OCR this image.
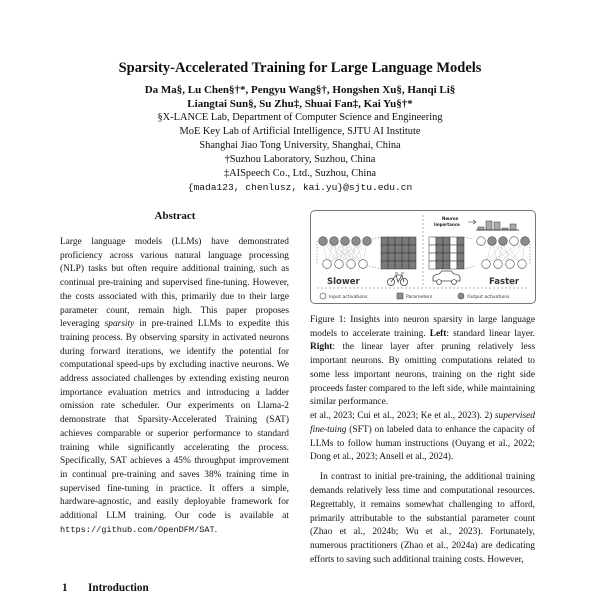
Sparsity-Accelerated Training for Large Language Models
Da Ma§, Lu Chen§†*, Pengyu Wang§†, Hongshen Xu§, Hanqi Li§
Liangtai Sun§, Su Zhu‡, Shuai Fan‡, Kai Yu§†*
§X-LANCE Lab, Department of Computer Science and Engineering
MoE Key Lab of Artificial Intelligence, SJTU AI Institute
Shanghai Jiao Tong University, Shanghai, China
†Suzhou Laboratory, Suzhou, China
‡AISpeech Co., Ltd., Suzhou, China
{mada123, chenlusz, kai.yu}@sjtu.edu.cn
Abstract
Large language models (LLMs) have demonstrated proficiency across various natural language processing (NLP) tasks but often require additional training, such as continual pre-training and supervised fine-tuning. However, the costs associated with this, primarily due to their large parameter count, remain high. This paper proposes leveraging sparsity in pre-trained LLMs to expedite this training process. By observing sparsity in activated neurons during forward iterations, we identify the potential for computational speed-ups by excluding inactive neurons. We address associated challenges by extending existing neuron importance evaluation metrics and introducing a ladder omission rate scheduler. Our experiments on Llama-2 demonstrate that Sparsity-Accelerated Training (SAT) achieves comparable or superior performance to standard training while significantly accelerating the process. Specifically, SAT achieves a 45% throughput improvement in continual pre-training and saves 38% training time in supervised fine-tuning in practice. It offers a simple, hardware-agnostic, and easily deployable framework for additional LLM training. Our code is available at https://github.com/OpenDFM/SAT.
1 Introduction
Slower
Neuron
Importance
Faster
Input activations	Parameters	Output activations
Figure 1: Insights into neuron sparsity in large language models to accelerate training. Left: standard linear layer. Right: the linear layer after pruning relatively less important neurons. By omitting computations related to some less important neurons, training on the right side proceeds faster compared to the left side, while maintaining similar performance.

et al., 2023; Cui et al., 2023; Ke et al., 2023). 2) supervised fine-tuing (SFT) on labeled data to enhance the capacity of LLMs to follow human instructions (Ouyang et al., 2022; Dong et al., 2023; Ansell et al., 2024).

In contrast to initial pre-training, the additional training demands relatively less time and computational resources. Regrettably, it remains somewhat challenging to afford, primarily attributable to the substantial parameter count (Zhao et al., 2024b; Wu et al., 2023). Fortunately, numerous practitioners (Zhao et al., 2024a) are dedicating efforts to saving such additional training costs. However,
